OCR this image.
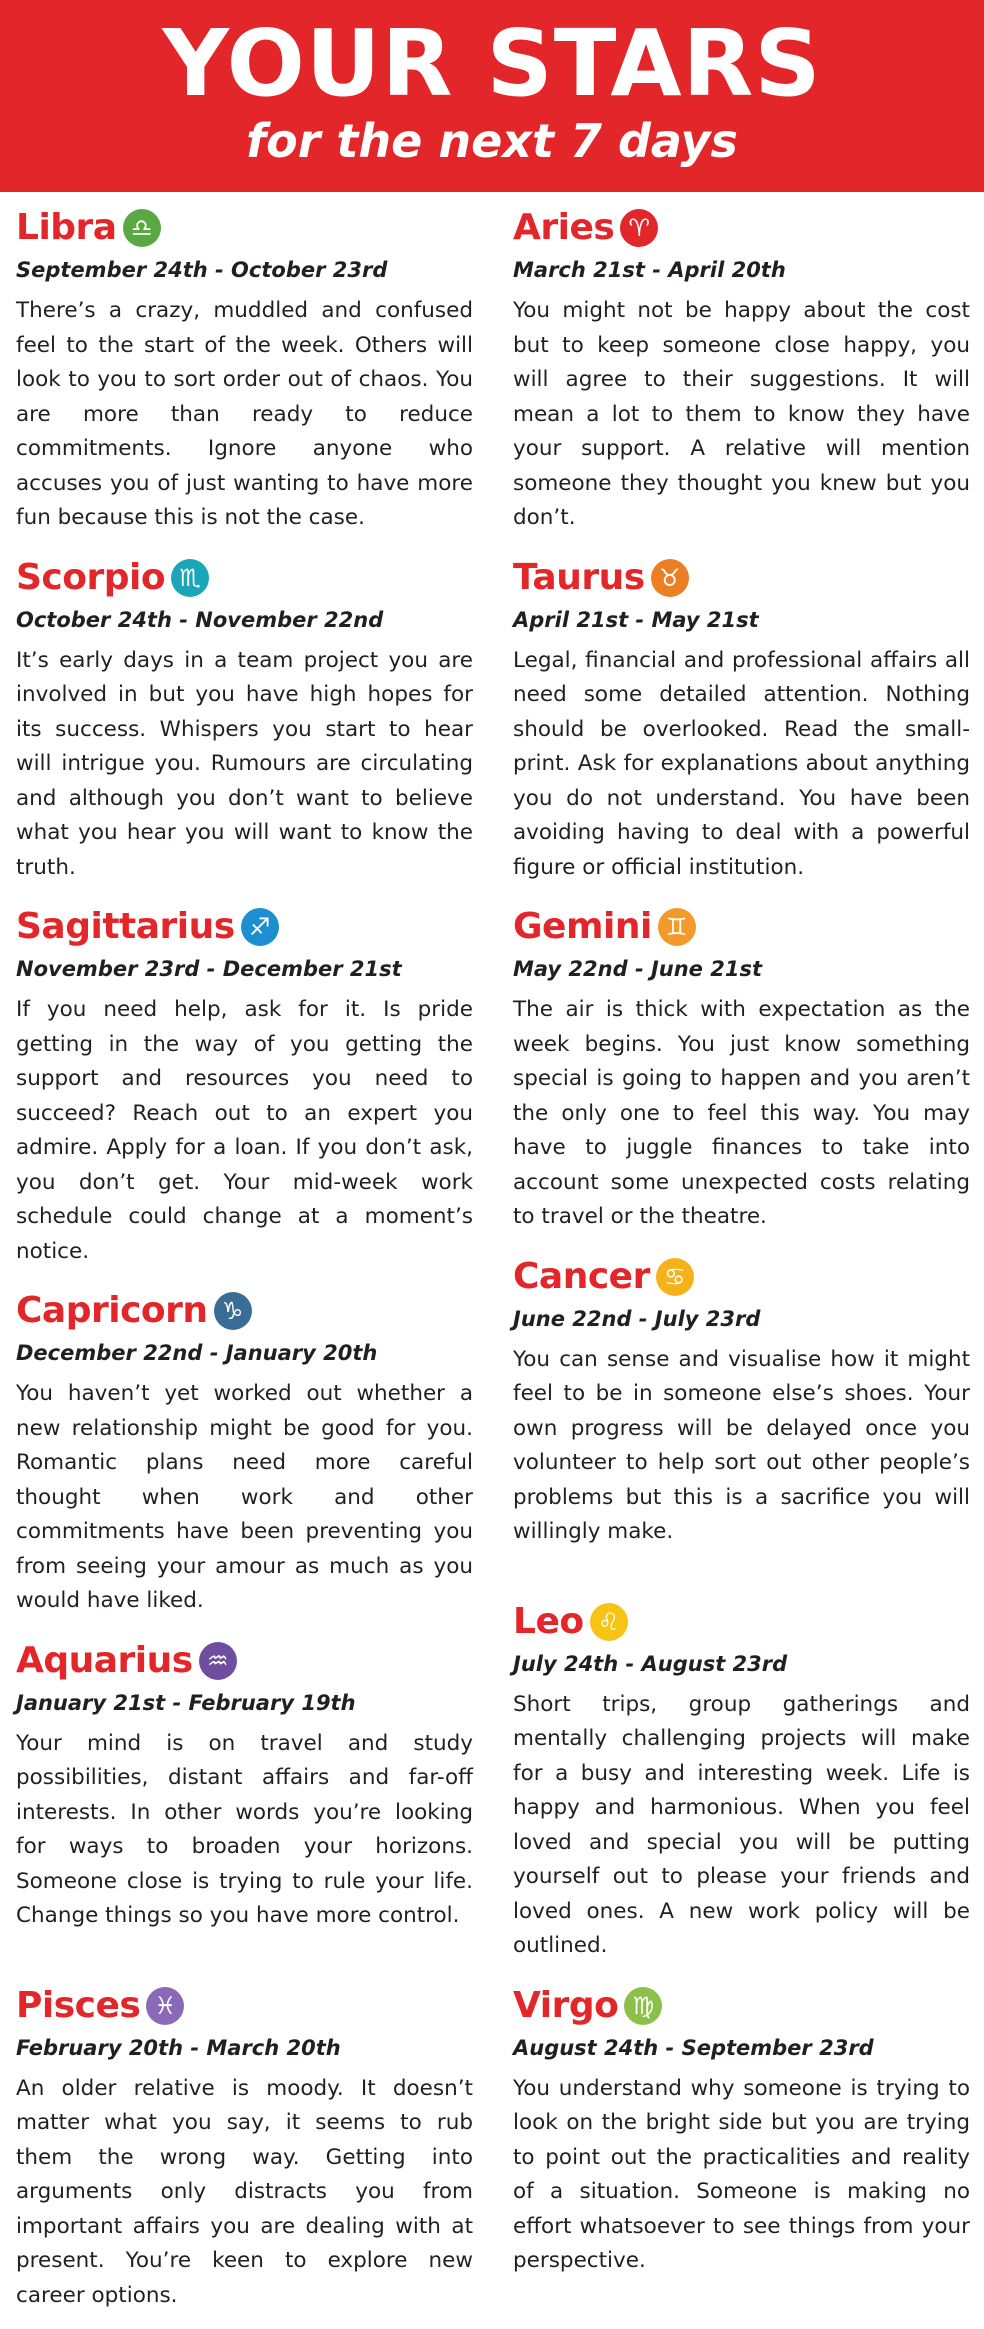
YOUR STARS
for the next 7 days
Libra ♎
September 24th - October 23rd
There’s a crazy, muddled and confused feel to the start of the week. Others will look to you to sort order out of chaos. You are more than ready to reduce commitments. Ignore anyone who accuses you of just wanting to have more fun because this is not the case.
Scorpio ♏
October 24th - November 22nd
It’s early days in a team project you are involved in but you have high hopes for its success. Whispers you start to hear will intrigue you. Rumours are circulating and although you don’t want to believe what you hear you will want to know the truth.
Sagittarius ♐
November 23rd - December 21st
If you need help, ask for it. Is pride getting in the way of you getting the support and resources you need to succeed? Reach out to an expert you admire. Apply for a loan. If you don’t ask, you don’t get. Your mid-week work schedule could change at a moment’s notice.
Capricorn ♑
December 22nd - January 20th
You haven’t yet worked out whether a new relationship might be good for you. Romantic plans need more careful thought when work and other commitments have been preventing you from seeing your amour as much as you would have liked.
Aquarius ♒
January 21st - February 19th
Your mind is on travel and study possibilities, distant affairs and far-off interests. In other words you’re looking for ways to broaden your horizons. Someone close is trying to rule your life. Change things so you have more control.
Pisces ♓
February 20th - March 20th
An older relative is moody. It doesn’t matter what you say, it seems to rub them the wrong way. Getting into arguments only distracts you from important affairs you are dealing with at present. You’re keen to explore new career options.
Aries ♈
March 21st - April 20th
You might not be happy about the cost but to keep someone close happy, you will agree to their suggestions. It will mean a lot to them to know they have your support. A relative will mention someone they thought you knew but you don’t.
Taurus ♉
April 21st - May 21st
Legal, financial and professional affairs all need some detailed attention. Nothing should be overlooked. Read the small-print. Ask for explanations about anything you do not understand. You have been avoiding having to deal with a powerful figure or official institution.
Gemini ♊
May 22nd - June 21st
The air is thick with expectation as the week begins. You just know something special is going to happen and you aren’t the only one to feel this way. You may have to juggle finances to take into account some unexpected costs relating to travel or the theatre.
Cancer ♋
June 22nd - July 23rd
You can sense and visualise how it might feel to be in someone else’s shoes. Your own progress will be delayed once you volunteer to help sort out other people’s problems but this is a sacrifice you will willingly make.
Leo ♌
July 24th - August 23rd
Short trips, group gatherings and mentally challenging projects will make for a busy and interesting week. Life is happy and harmonious. When you feel loved and special you will be putting yourself out to please your friends and loved ones. A new work policy will be outlined.
Virgo ♍
August 24th - September 23rd
You understand why someone is trying to look on the bright side but you are trying to point out the practicalities and reality of a situation. Someone is making no effort whatsoever to see things from your perspective.
